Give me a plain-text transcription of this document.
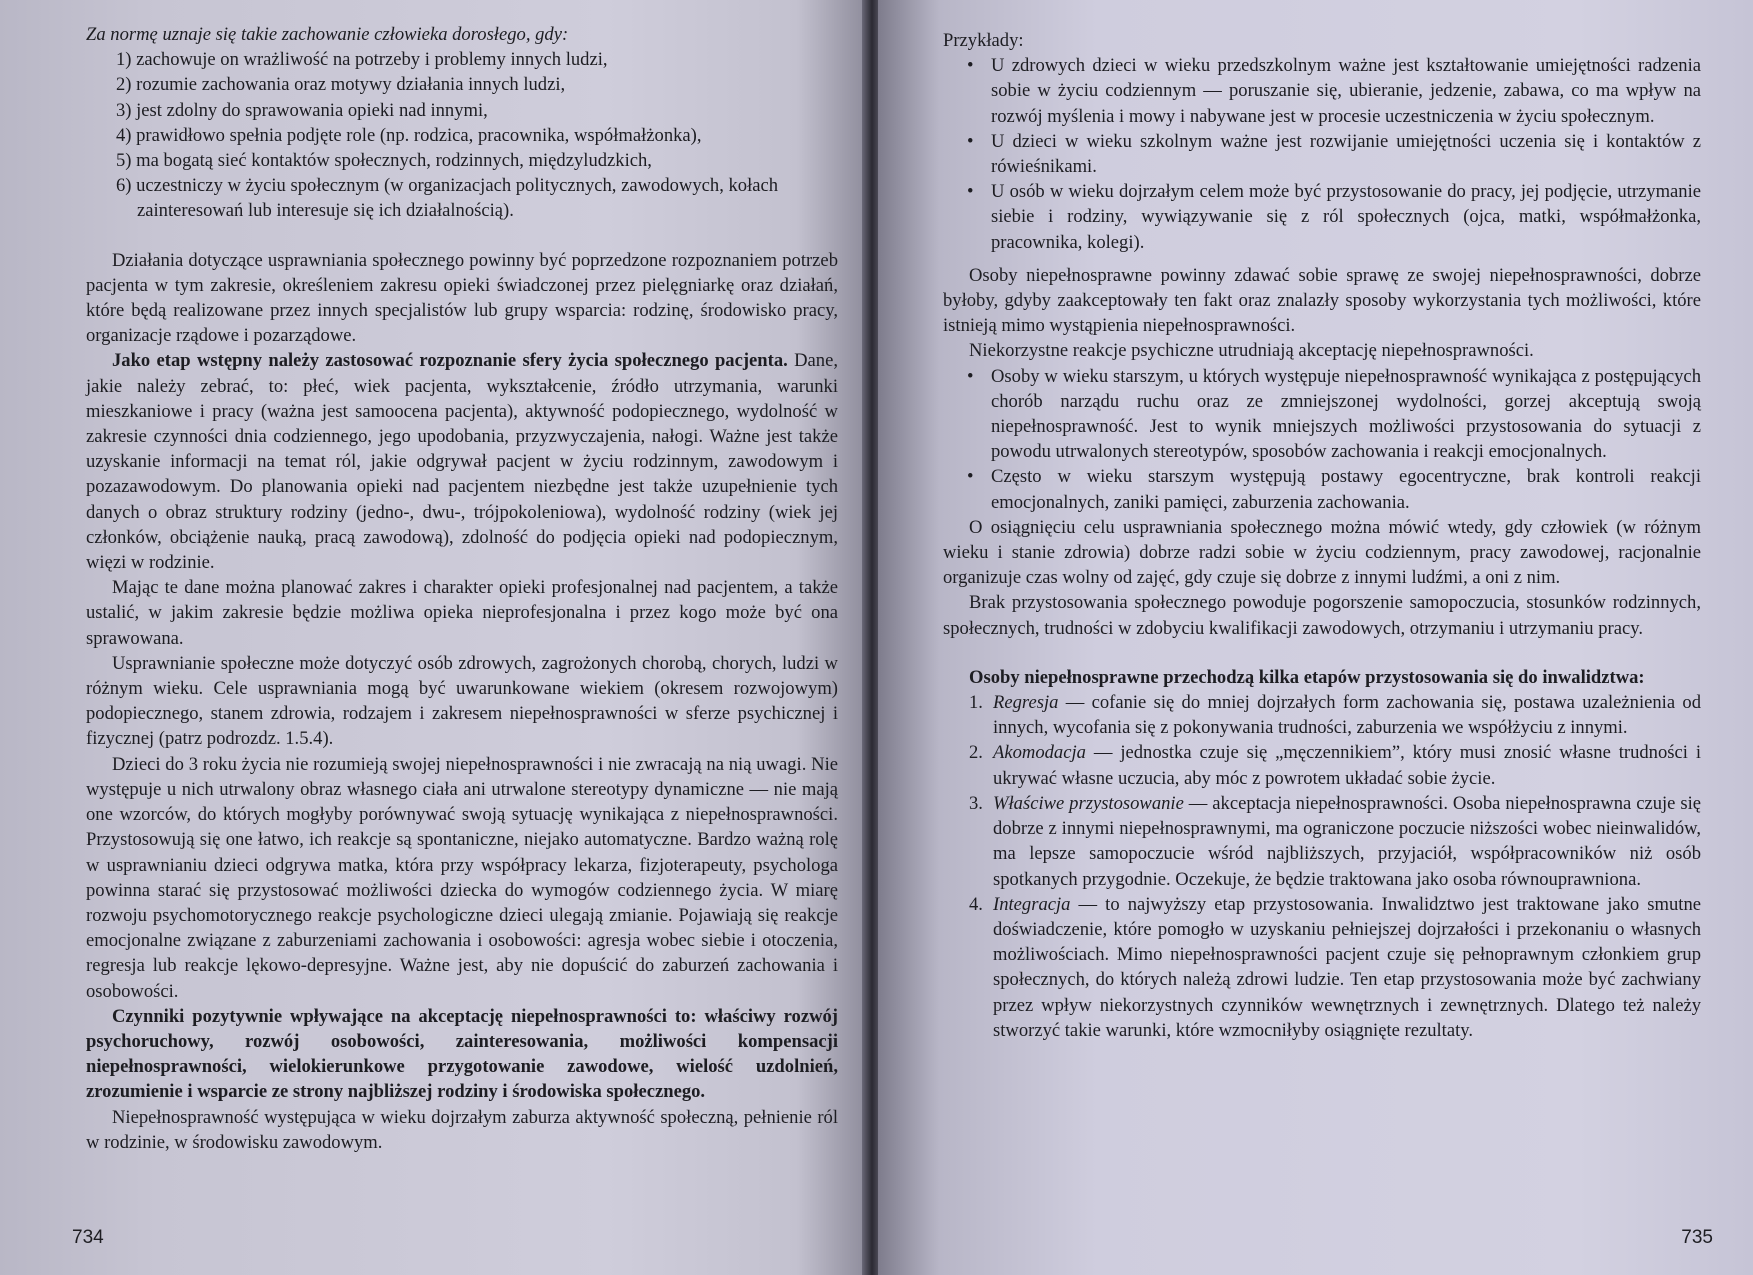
Za normę uznaje się takie zachowanie człowieka dorosłego, gdy:

1) zachowuje on wrażliwość na potrzeby i problemy innych ludzi,
2) rozumie zachowania oraz motywy działania innych ludzi,
3) jest zdolny do sprawowania opieki nad innymi,
4) prawidłowo spełnia podjęte role (np. rodzica, pracownika, współmałżonka),
5) ma bogatą sieć kontaktów społecznych, rodzinnych, międzyludzkich,
6) uczestniczy w życiu społecznym (w organizacjach politycznych, zawodowych, kołach zainteresowań lub interesuje się ich działalnością).

Działania dotyczące usprawniania społecznego powinny być poprzedzone rozpoznaniem potrzeb pacjenta w tym zakresie, określeniem zakresu opieki świadczonej przez pielęgniarkę oraz działań, które będą realizowane przez innych specjalistów lub grupy wsparcia: rodzinę, środowisko pracy, organizacje rządowe i pozarządowe.

Jako etap wstępny należy zastosować rozpoznanie sfery życia społecznego pacjenta. Dane, jakie należy zebrać, to: płeć, wiek pacjenta, wykształcenie, źródło utrzymania, warunki mieszkaniowe i pracy (ważna jest samoocena pacjenta), aktywność podopiecznego, wydolność w zakresie czynności dnia codziennego, jego upodobania, przyzwyczajenia, nałogi. Ważne jest także uzyskanie informacji na temat ról, jakie odgrywał pacjent w życiu rodzinnym, zawodowym i pozazawodowym. Do planowania opieki nad pacjentem niezbędne jest także uzupełnienie tych danych o obraz struktury rodziny (jedno-, dwu-, trójpokoleniowa), wydolność rodziny (wiek jej członków, obciążenie nauką, pracą zawodową), zdolność do podjęcia opieki nad podopiecznym, więzi w rodzinie.

Mając te dane można planować zakres i charakter opieki profesjonalnej nad pacjentem, a także ustalić, w jakim zakresie będzie możliwa opieka nieprofesjonalna i przez kogo może być ona sprawowana.

Usprawnianie społeczne może dotyczyć osób zdrowych, zagrożonych chorobą, chorych, ludzi w różnym wieku. Cele usprawniania mogą być uwarunkowane wiekiem (okresem rozwojowym) podopiecznego, stanem zdrowia, rodzajem i zakresem niepełnosprawności w sferze psychicznej i fizycznej (patrz podrozdz. 1.5.4).

Dzieci do 3 roku życia nie rozumieją swojej niepełnosprawności i nie zwracają na nią uwagi. Nie występuje u nich utrwalony obraz własnego ciała ani utrwalone stereotypy dynamiczne — nie mają one wzorców, do których mogłyby porównywać swoją sytuację wynikająca z niepełnosprawności. Przystosowują się one łatwo, ich reakcje są spontaniczne, niejako automatyczne. Bardzo ważną rolę w usprawnianiu dzieci odgrywa matka, która przy współpracy lekarza, fizjoterapeuty, psychologa powinna starać się przystosować możliwości dziecka do wymogów codziennego życia. W miarę rozwoju psychomotorycznego reakcje psychologiczne dzieci ulegają zmianie. Pojawiają się reakcje emocjonalne związane z zaburzeniami zachowania i osobowości: agresja wobec siebie i otoczenia, regresja lub reakcje lękowo-depresyjne. Ważne jest, aby nie dopuścić do zaburzeń zachowania i osobowości.

Czynniki pozytywnie wpływające na akceptację niepełnosprawności to: właściwy rozwój psychoruchowy, rozwój osobowości, zainteresowania, możliwości kompensacji niepełnosprawności, wielokierunkowe przygotowanie zawodowe, wielość uzdolnień, zrozumienie i wsparcie ze strony najbliższej rodziny i środowiska społecznego.

Niepełnosprawność występująca w wieku dojrzałym zaburza aktywność społeczną, pełnienie ról w rodzinie, w środowisku zawodowym.

734

Przykłady:

• U zdrowych dzieci w wieku przedszkolnym ważne jest kształtowanie umiejętności radzenia sobie w życiu codziennym — poruszanie się, ubieranie, jedzenie, zabawa, co ma wpływ na rozwój myślenia i mowy i nabywane jest w procesie uczestniczenia w życiu społecznym.
• U dzieci w wieku szkolnym ważne jest rozwijanie umiejętności uczenia się i kontaktów z rówieśnikami.
• U osób w wieku dojrzałym celem może być przystosowanie do pracy, jej podjęcie, utrzymanie siebie i rodziny, wywiązywanie się z ról społecznych (ojca, matki, współmałżonka, pracownika, kolegi).

Osoby niepełnosprawne powinny zdawać sobie sprawę ze swojej niepełnosprawności, dobrze byłoby, gdyby zaakceptowały ten fakt oraz znalazły sposoby wykorzystania tych możliwości, które istnieją mimo wystąpienia niepełnosprawności.

Niekorzystne reakcje psychiczne utrudniają akceptację niepełnosprawności.

• Osoby w wieku starszym, u których występuje niepełnosprawność wynikająca z postępujących chorób narządu ruchu oraz ze zmniejszonej wydolności, gorzej akceptują swoją niepełnosprawność. Jest to wynik mniejszych możliwości przystosowania do sytuacji z powodu utrwalonych stereotypów, sposobów zachowania i reakcji emocjonalnych.
• Często w wieku starszym występują postawy egocentryczne, brak kontroli reakcji emocjonalnych, zaniki pamięci, zaburzenia zachowania.

O osiągnięciu celu usprawniania społecznego można mówić wtedy, gdy człowiek (w różnym wieku i stanie zdrowia) dobrze radzi sobie w życiu codziennym, pracy zawodowej, racjonalnie organizuje czas wolny od zajęć, gdy czuje się dobrze z innymi ludźmi, a oni z nim.

Brak przystosowania społecznego powoduje pogorszenie samopoczucia, stosunków rodzinnych, społecznych, trudności w zdobyciu kwalifikacji zawodowych, otrzymaniu i utrzymaniu pracy.

Osoby niepełnosprawne przechodzą kilka etapów przystosowania się do inwalidztwa:

1. Regresja — cofanie się do mniej dojrzałych form zachowania się, postawa uzależnienia od innych, wycofania się z pokonywania trudności, zaburzenia we współżyciu z innymi.
2. Akomodacja — jednostka czuje się „męczennikiem”, który musi znosić własne trudności i ukrywać własne uczucia, aby móc z powrotem układać sobie życie.
3. Właściwe przystosowanie — akceptacja niepełnosprawności. Osoba niepełnosprawna czuje się dobrze z innymi niepełnosprawnymi, ma ograniczone poczucie niższości wobec nieinwalidów, ma lepsze samopoczucie wśród najbliższych, przyjaciół, współpracowników niż osób spotkanych przygodnie. Oczekuje, że będzie traktowana jako osoba równouprawniona.
4. Integracja — to najwyższy etap przystosowania. Inwalidztwo jest traktowane jako smutne doświadczenie, które pomogło w uzyskaniu pełniejszej dojrzałości i przekonaniu o własnych możliwościach. Mimo niepełnosprawności pacjent czuje się pełnoprawnym członkiem grup społecznych, do których należą zdrowi ludzie. Ten etap przystosowania może być zachwiany przez wpływ niekorzystnych czynników wewnętrznych i zewnętrznych. Dlatego też należy stworzyć takie warunki, które wzmocniłyby osiągnięte rezultaty.
735
